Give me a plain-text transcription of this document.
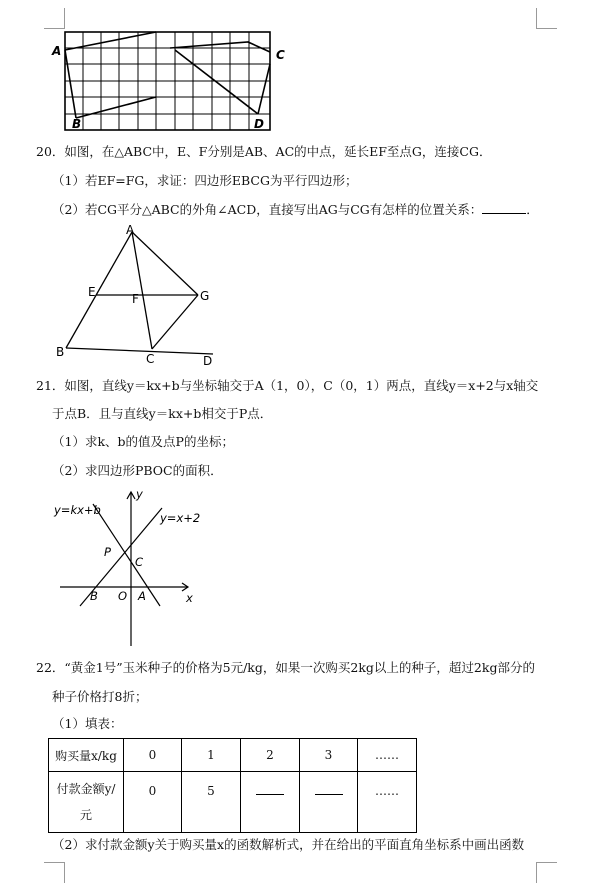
A
B
C
D
20．如图，在△ABC中，E、F分别是AB、AC的中点，延长EF至点G，连接CG．
（1）若EF=FG，求证：四边形EBCG为平行四边形；
（2）若CG平分△ABC的外角∠ACD，直接写出AG与CG有怎样的位置关系：	．
A
E	F	G
B	C	D
21．如图，直线y＝kx+b与坐标轴交于A（1，0），C（0，1）两点，直线y＝x+2与x轴交
于点B．且与直线y＝kx+b相交于P点．
（1）求k、b的值及点P的坐标；
（2）求四边形PBOC的面积．
y=kx+b
y=x+2
y
x
P
C
B O A
22．“黄金1号”玉米种子的价格为5元/kg，如果一次购买2kg以上的种子，超过2kg部分的
种子价格打8折；
（1）填表：
购买量x/kg	0	1	2	3	……
付款金额y/
元	0	5			……
（2）求付款金额y关于购买量x的函数解析式，并在给出的平面直角坐标系中画出函数
